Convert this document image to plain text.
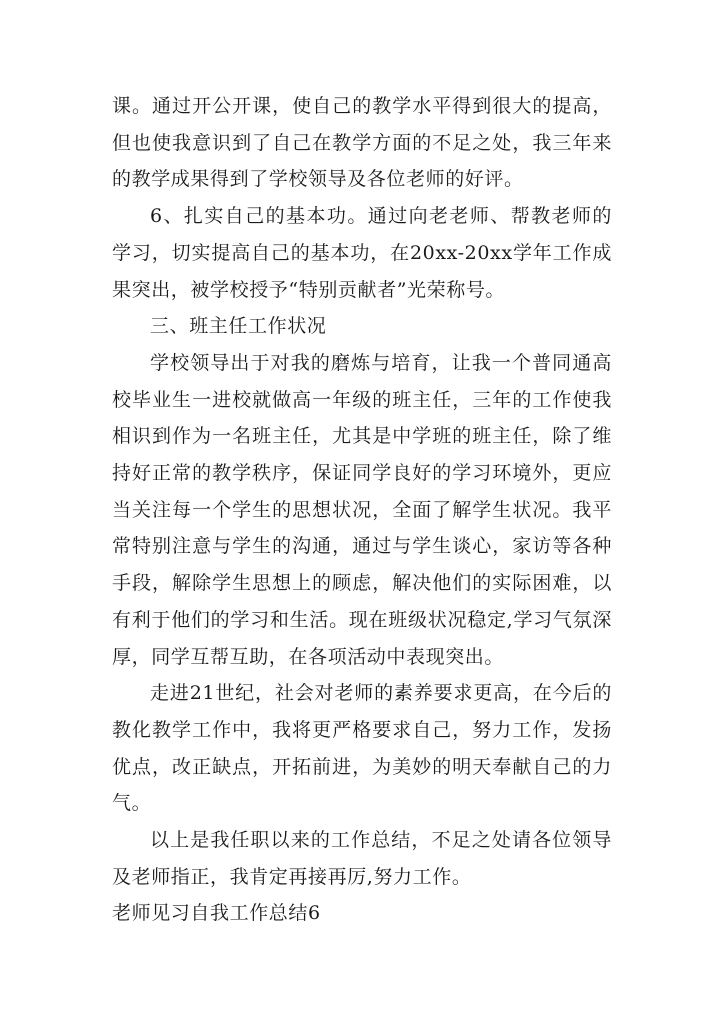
课。通过开公开课，使自己的教学水平得到很大的提高，但也使我意识到了自己在教学方面的不足之处，我三年来的教学成果得到了学校领导及各位老师的好评。

6、扎实自己的基本功。通过向老老师、帮教老师的学习，切实提高自己的基本功，在20xx-20xx学年工作成果突出，被学校授予“特别贡献者”光荣称号。

三、班主任工作状况

学校领导出于对我的磨炼与培育，让我一个普同通高校毕业生一进校就做高一年级的班主任，三年的工作使我相识到作为一名班主任，尤其是中学班的班主任，除了维持好正常的教学秩序，保证同学良好的学习环境外，更应当关注每一个学生的思想状况，全面了解学生状况。我平常特别注意与学生的沟通，通过与学生谈心，家访等各种手段，解除学生思想上的顾虑，解决他们的实际困难，以有利于他们的学习和生活。现在班级状况稳定,学习气氛深厚，同学互帮互助，在各项活动中表现突出。

走进21世纪，社会对老师的素养要求更高，在今后的教化教学工作中，我将更严格要求自己，努力工作，发扬优点，改正缺点，开拓前进，为美妙的明天奉献自己的力气。

以上是我任职以来的工作总结，不足之处请各位领导及老师指正，我肯定再接再厉,努力工作。

老师见习自我工作总结6
